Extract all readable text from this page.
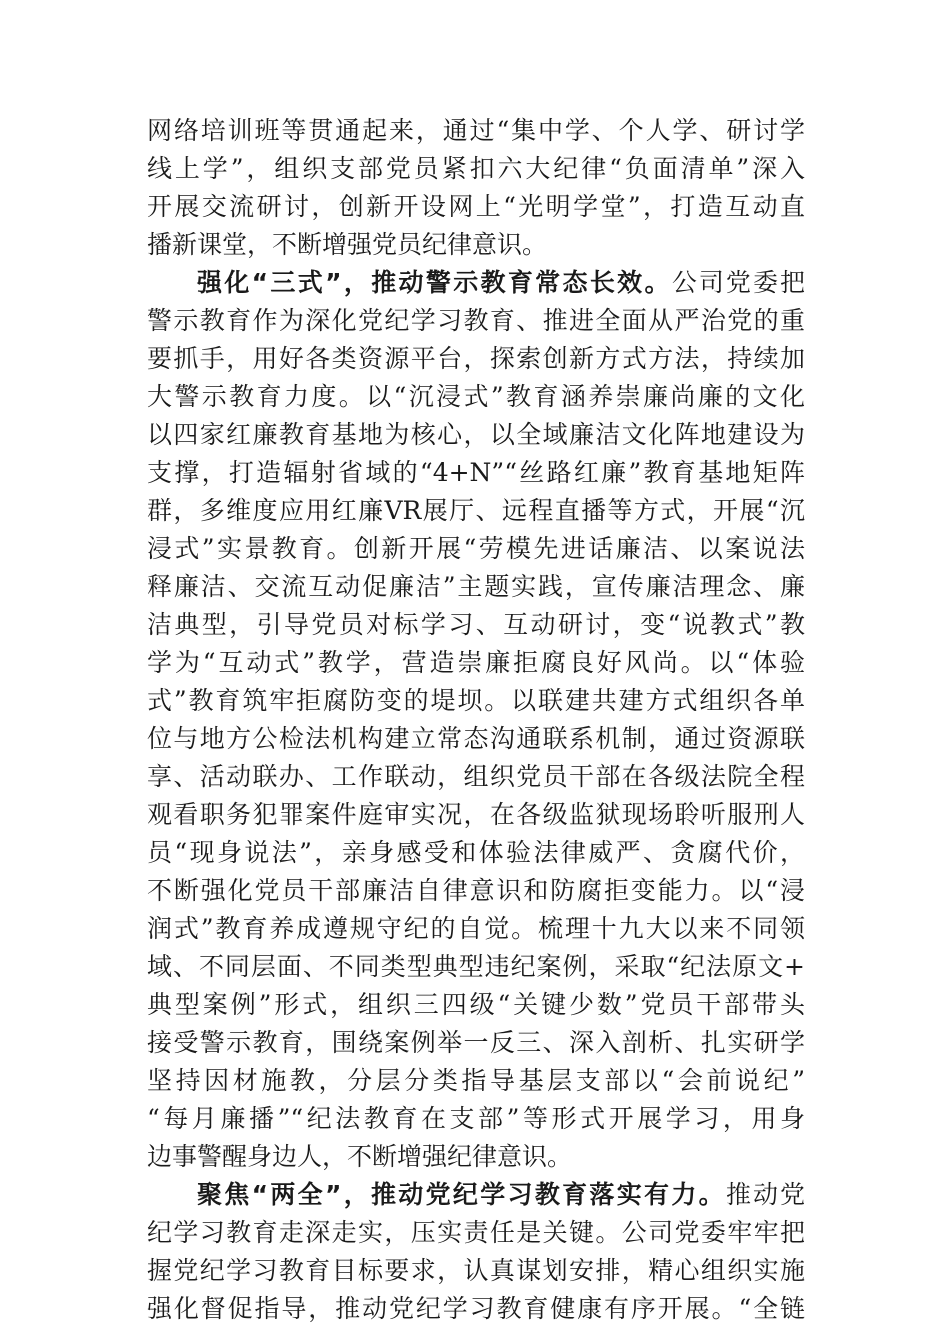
网络培训班等贯通起来，通过“集中学、个人学、研讨学
线上学”，组织支部党员紧扣六大纪律“负面清单”深入
开展交流研讨，创新开设网上“光明学堂”，打造互动直
播新课堂，不断增强党员纪律意识。
强化“三式”，推动警示教育常态长效。公司党委把
警示教育作为深化党纪学习教育、推进全面从严治党的重
要抓手，用好各类资源平台，探索创新方式方法，持续加
大警示教育力度。以“沉浸式”教育涵养崇廉尚廉的文化
以四家红廉教育基地为核心，以全域廉洁文化阵地建设为
支撑，打造辐射省域的“4+N”“丝路红廉”教育基地矩阵
群，多维度应用红廉VR展厅、远程直播等方式，开展“沉
浸式”实景教育。创新开展“劳模先进话廉洁、以案说法
释廉洁、交流互动促廉洁”主题实践，宣传廉洁理念、廉
洁典型，引导党员对标学习、互动研讨，变“说教式”教
学为“互动式”教学，营造崇廉拒腐良好风尚。以“体验
式”教育筑牢拒腐防变的堤坝。以联建共建方式组织各单
位与地方公检法机构建立常态沟通联系机制，通过资源联
享、活动联办、工作联动，组织党员干部在各级法院全程
观看职务犯罪案件庭审实况，在各级监狱现场聆听服刑人
员“现身说法”，亲身感受和体验法律威严、贪腐代价，
不断强化党员干部廉洁自律意识和防腐拒变能力。以“浸
润式”教育养成遵规守纪的自觉。梳理十九大以来不同领
域、不同层面、不同类型典型违纪案例，采取“纪法原文+
典型案例”形式，组织三四级“关键少数”党员干部带头
接受警示教育，围绕案例举一反三、深入剖析、扎实研学
坚持因材施教，分层分类指导基层支部以“会前说纪”
“每月廉播”“纪法教育在支部”等形式开展学习，用身
边事警醒身边人，不断增强纪律意识。
聚焦“两全”，推动党纪学习教育落实有力。推动党
纪学习教育走深走实，压实责任是关键。公司党委牢牢把
握党纪学习教育目标要求，认真谋划安排，精心组织实施
强化督促指导，推动党纪学习教育健康有序开展。“全链
